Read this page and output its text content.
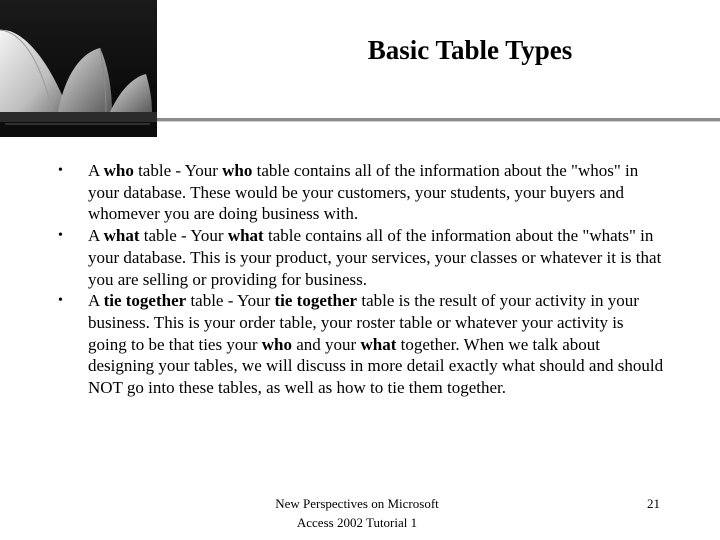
Basic Table Types
• A who table - Your who table contains all of the information about the "whos" in your database. These would be your customers, your students, your buyers and whomever you are doing business with.
• A what table - Your what table contains all of the information about the "whats" in your database. This is your product, your services, your classes or whatever it is that you are selling or providing for business.
• A tie together table - Your tie together table is the result of your activity in your business. This is your order table, your roster table or whatever your activity is going to be that ties your who and your what together. When we talk about designing your tables, we will discuss in more detail exactly what should and should NOT go into these tables, as well as how to tie them together.
New Perspectives on Microsoft
Access 2002 Tutorial 1
21
